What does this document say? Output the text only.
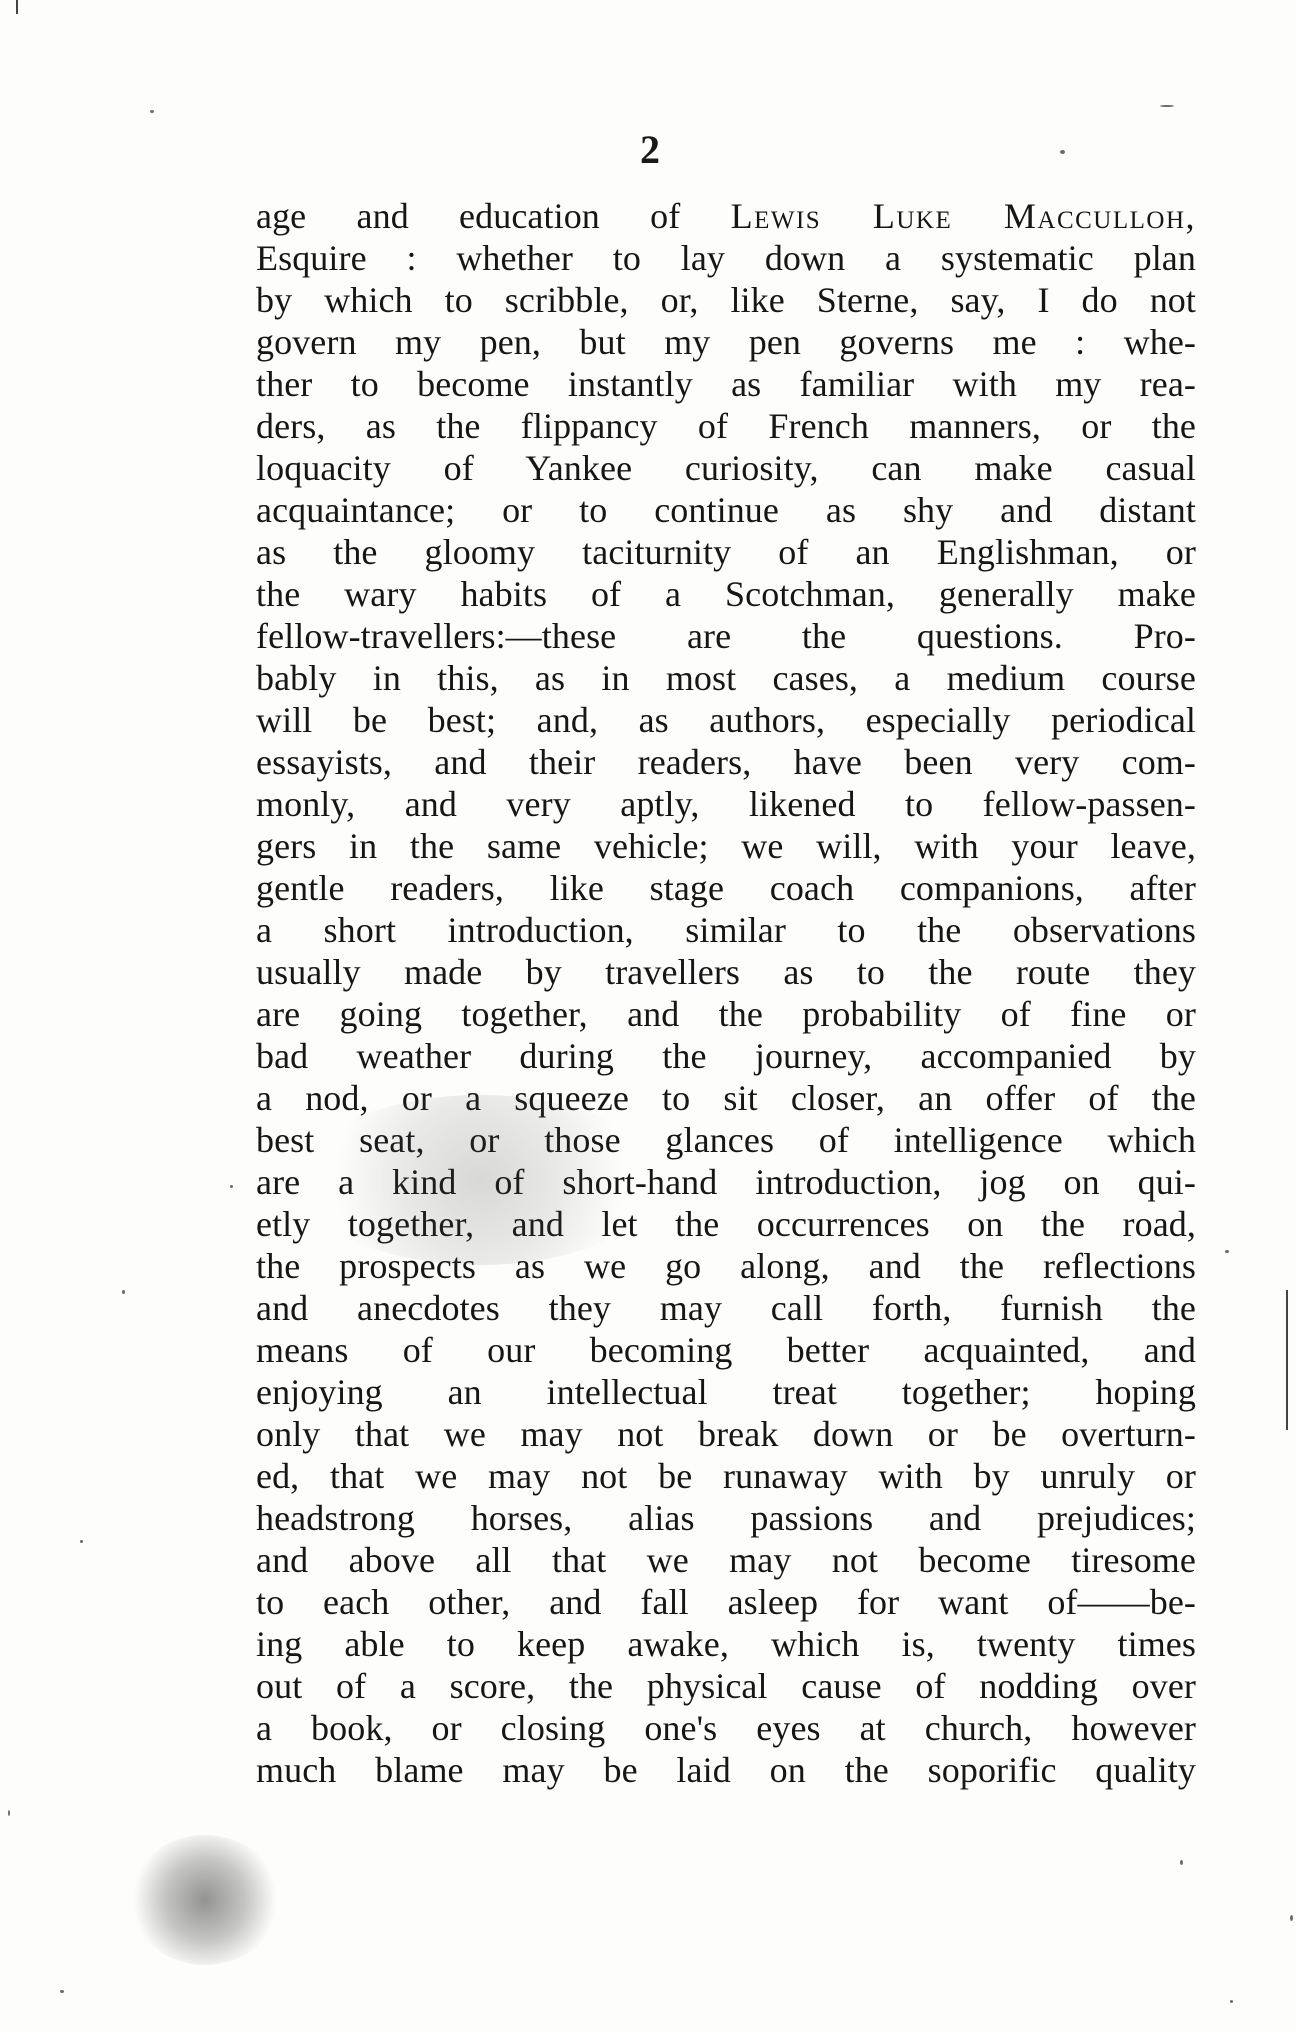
2
age and education of Lewis Luke Macculloh,
Esquire : whether to lay down a systematic plan
by which to scribble, or, like Sterne, say, I do not
govern my pen, but my pen governs me : whe-
ther to become instantly as familiar with my rea-
ders, as the flippancy of French manners, or the
loquacity of Yankee curiosity, can make casual
acquaintance; or to continue as shy and distant
as the gloomy taciturnity of an Englishman, or
the wary habits of a Scotchman, generally make
fellow-travellers:—these are the questions. Pro-
bably in this, as in most cases, a medium course
will be best; and, as authors, especially periodical
essayists, and their readers, have been very com-
monly, and very aptly, likened to fellow-passen-
gers in the same vehicle; we will, with your leave,
gentle readers, like stage coach companions, after
a short introduction, similar to the observations
usually made by travellers as to the route they
are going together, and the probability of fine or
bad weather during the journey, accompanied by
a nod, or a squeeze to sit closer, an offer of the
best seat, or those glances of intelligence which
are a kind of short-hand introduction, jog on qui-
etly together, and let the occurrences on the road,
the prospects as we go along, and the reflections
and anecdotes they may call forth, furnish the
means of our becoming better acquainted, and
enjoying an intellectual treat together; hoping
only that we may not break down or be overturn-
ed, that we may not be runaway with by unruly or
headstrong horses, alias passions and prejudices;
and above all that we may not become tiresome
to each other, and fall asleep for want of——be-
ing able to keep awake, which is, twenty times
out of a score, the physical cause of nodding over
a book, or closing one's eyes at church, however
much blame may be laid on the soporific quality
